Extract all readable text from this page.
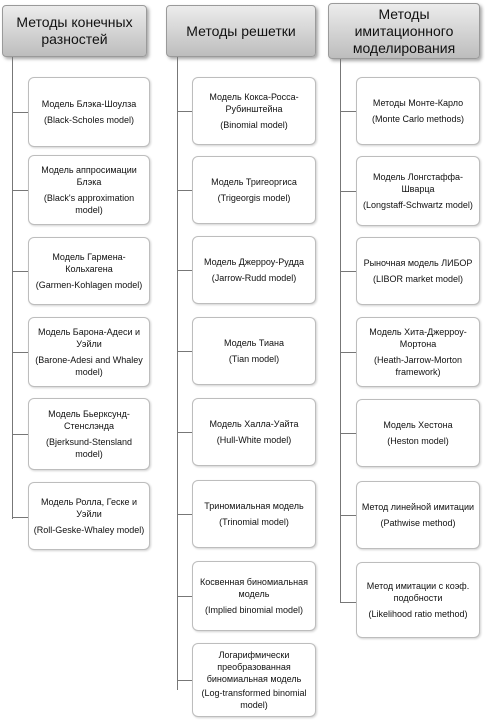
Методы конечных разностей
Модель Блэка-Шоулза
(Black-Scholes model)
Модель аппросимации Блэка
(Black's approximation model)
Модель Гармена-Кольхагена
(Garmen-Kohlagen model)
Модель Барона-Адеси и Уэйли
(Barone-Adesi and Whaley model)
Модель Бьерксунд-Стенслэнда
(Bjerksund-Stensland model)
Модель Ролла, Геске и Уэйли
(Roll-Geske-Whaley model)
Методы решетки
Модель Кокса-Росса-Рубинштейна
(Binomial model)
Модель Тригеоргиса
(Trigeorgis model)
Модель Джерроу-Рудда
(Jarrow-Rudd model)
Модель Тиана
(Tian model)
Модель Халла-Уайта
(Hull-White model)
Триномиальная модель
(Trinomial model)
Косвенная биномиальная модель
(Implied binomial model)
Логарифмически преобразованная биномиальная модель
(Log-transformed binomial model)
Методы имитационного моделирования
Методы Монте-Карло
(Monte Carlo methods)
Модель Лонгстаффа-Шварца
(Longstaff-Schwartz model)
Рыночная модель ЛИБОР
(LIBOR market model)
Модель Хита-Джерроу-Мортона
(Heath-Jarrow-Morton framework)
Модель Хестона
(Heston model)
Метод линейной имитации
(Pathwise method)
Метод имитации с коэф. подобности
(Likelihood ratio method)
